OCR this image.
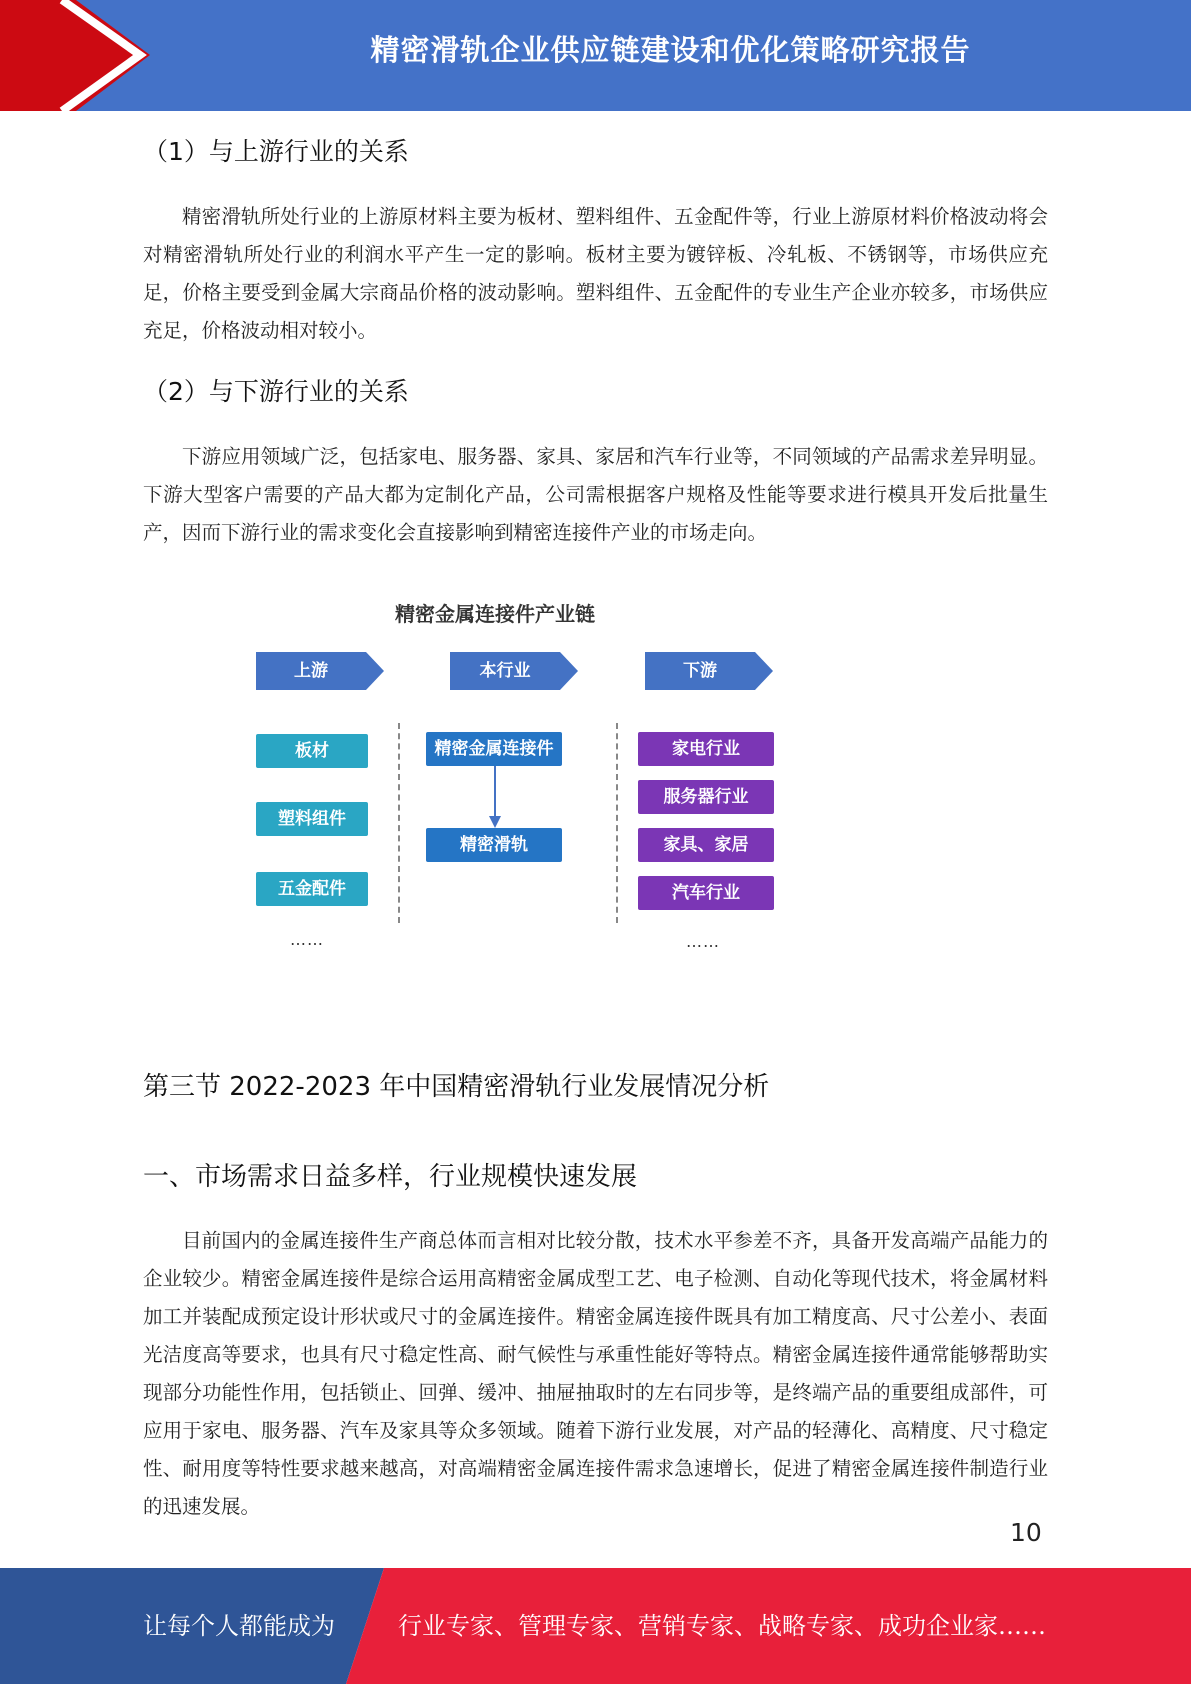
精密滑轨企业供应链建设和优化策略研究报告
（1）与上游行业的关系
精密滑轨所处行业的上游原材料主要为板材、塑料组件、五金配件等，行业上游原材料价格波动将会对精密滑轨所处行业的利润水平产生一定的影响。板材主要为镀锌板、冷轧板、不锈钢等，市场供应充足，价格主要受到金属大宗商品价格的波动影响。塑料组件、五金配件的专业生产企业亦较多，市场供应充足，价格波动相对较小。
（2）与下游行业的关系
下游应用领域广泛，包括家电、服务器、家具、家居和汽车行业等，不同领域的产品需求差异明显。下游大型客户需要的产品大都为定制化产品，公司需根据客户规格及性能等要求进行模具开发后批量生产，因而下游行业的需求变化会直接影响到精密连接件产业的市场走向。
精密金属连接件产业链
上游	本行业	下游
板材
塑料组件
五金配件
……
精密金属连接件
精密滑轨
家电行业
服务器行业
家具、家居
汽车行业
……
第三节 2022-2023 年中国精密滑轨行业发展情况分析
一、市场需求日益多样，行业规模快速发展
目前国内的金属连接件生产商总体而言相对比较分散，技术水平参差不齐，具备开发高端产品能力的企业较少。精密金属连接件是综合运用高精密金属成型工艺、电子检测、自动化等现代技术，将金属材料加工并装配成预定设计形状或尺寸的金属连接件。精密金属连接件既具有加工精度高、尺寸公差小、表面光洁度高等要求，也具有尺寸稳定性高、耐气候性与承重性能好等特点。精密金属连接件通常能够帮助实现部分功能性作用，包括锁止、回弹、缓冲、抽屉抽取时的左右同步等，是终端产品的重要组成部件，可应用于家电、服务器、汽车及家具等众多领域。随着下游行业发展，对产品的轻薄化、高精度、尺寸稳定性、耐用度等特性要求越来越高，对高端精密金属连接件需求急速增长，促进了精密金属连接件制造行业的迅速发展。
10
让每个人都能成为	行业专家、管理专家、营销专家、战略专家、成功企业家……
